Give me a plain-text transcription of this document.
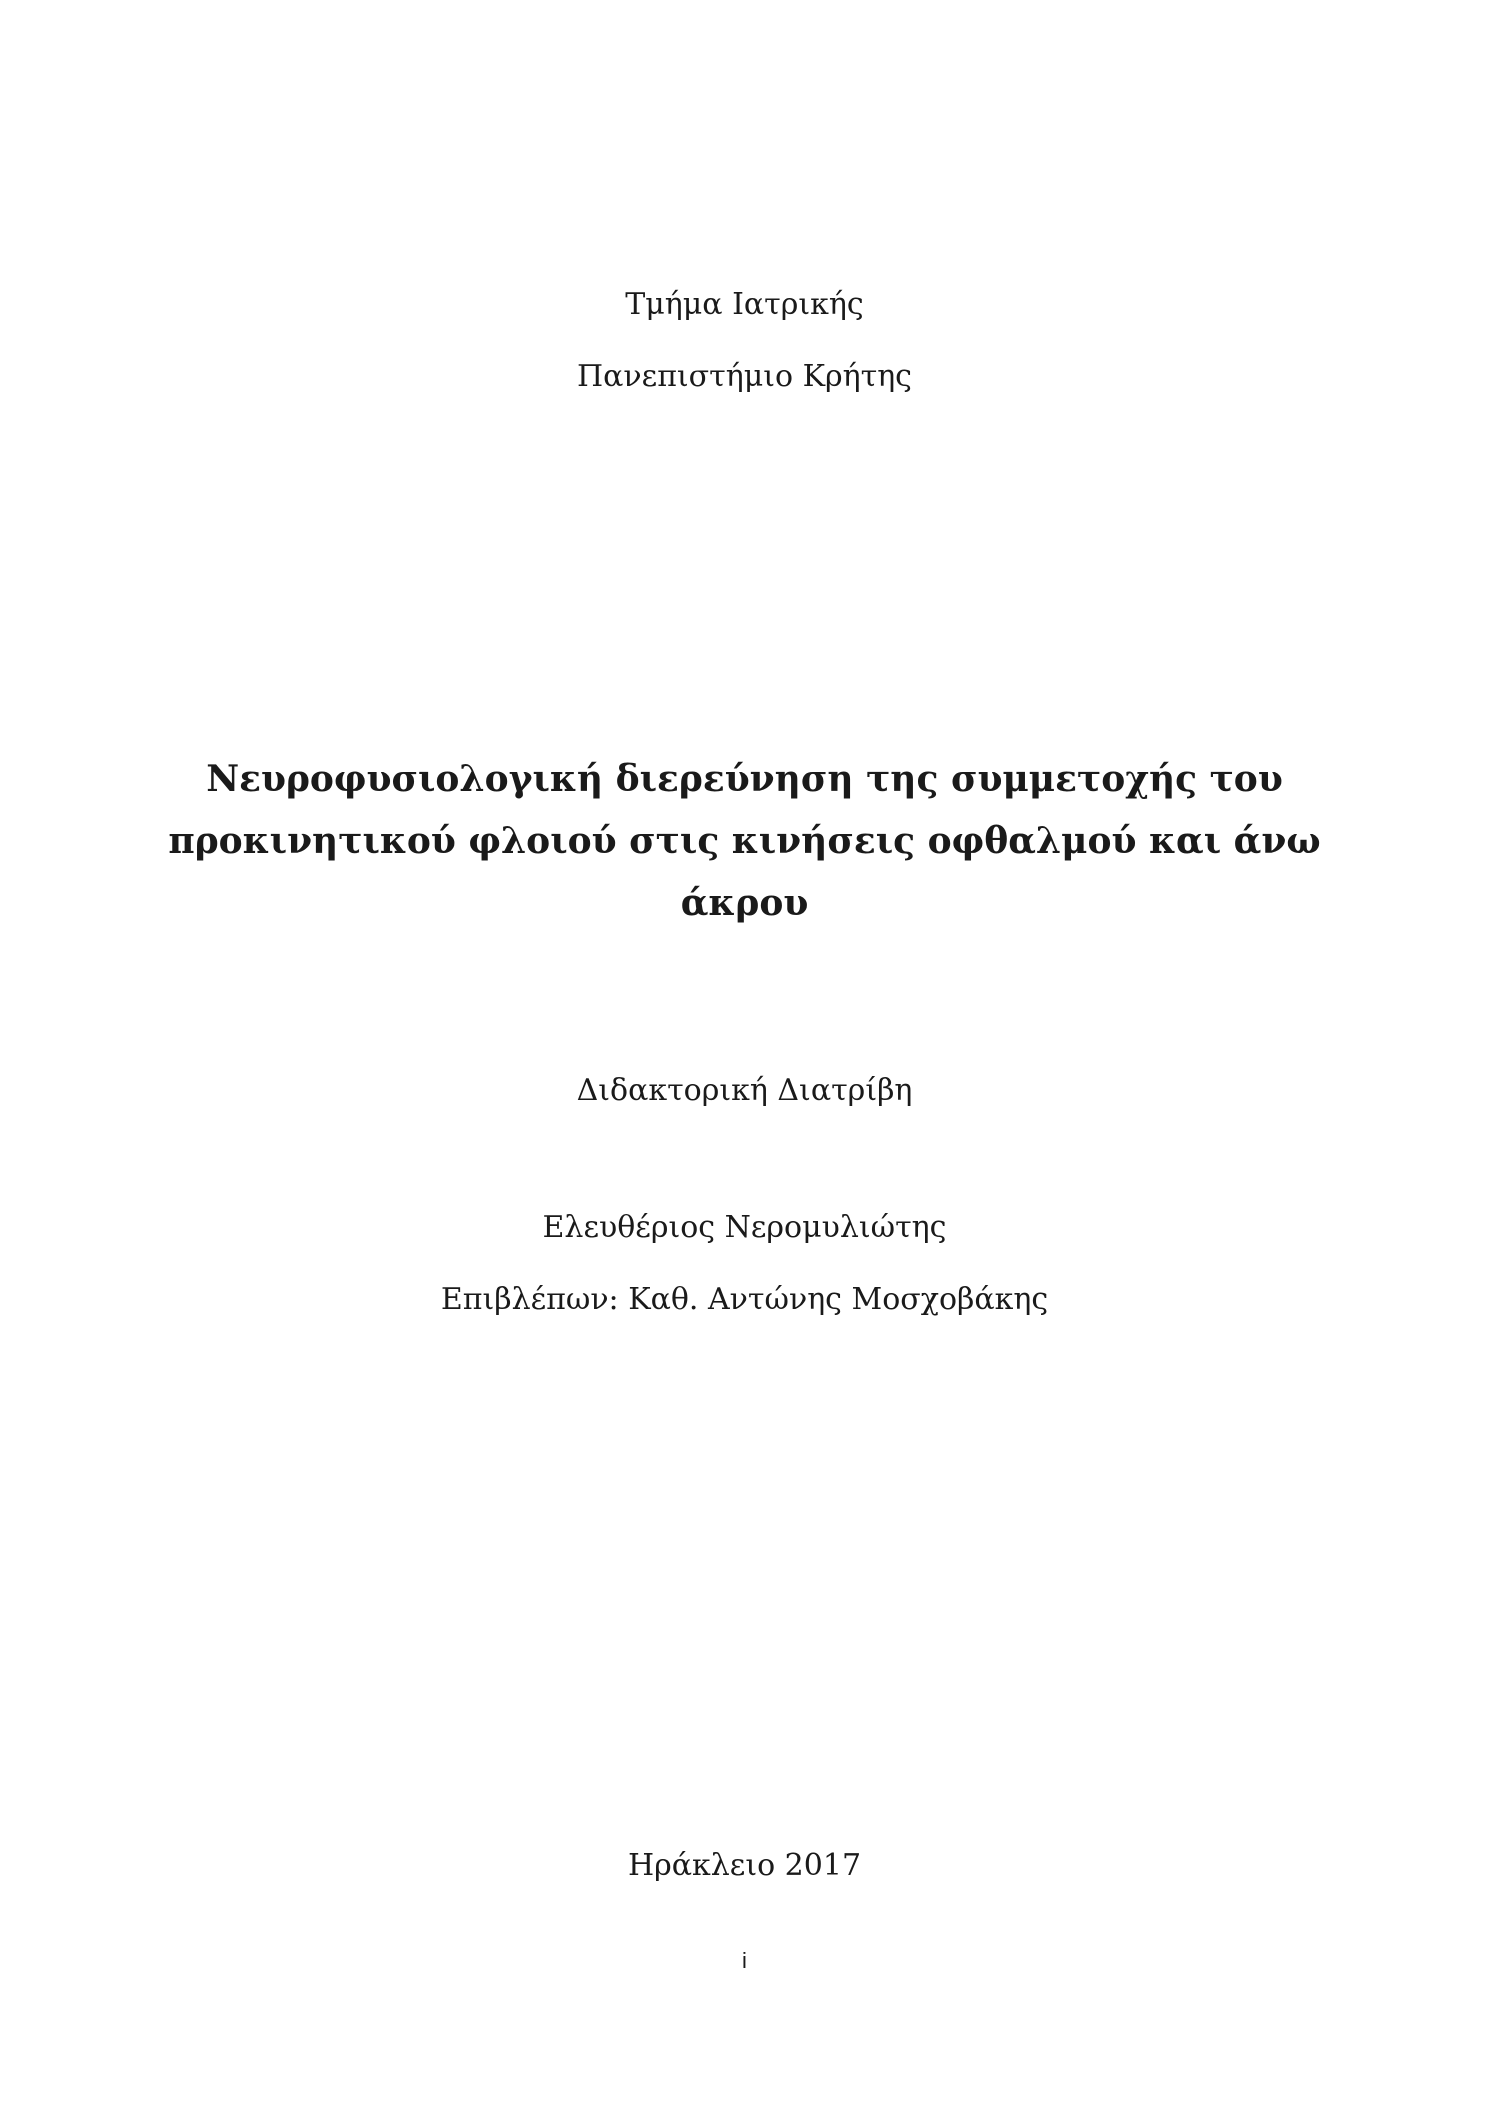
Τμήμα Ιατρικής
Πανεπιστήμιο Κρήτης
Νευροφυσιολογική διερεύνηση της συμμετοχής του
προκινητικού φλοιού στις κινήσεις οφθαλμού και άνω
άκρου
Διδακτορική Διατρίβη
Ελευθέριος Νερομυλιώτης
Επιβλέπων: Καθ. Αντώνης Μοσχοβάκης
Ηράκλειο 2017
i
